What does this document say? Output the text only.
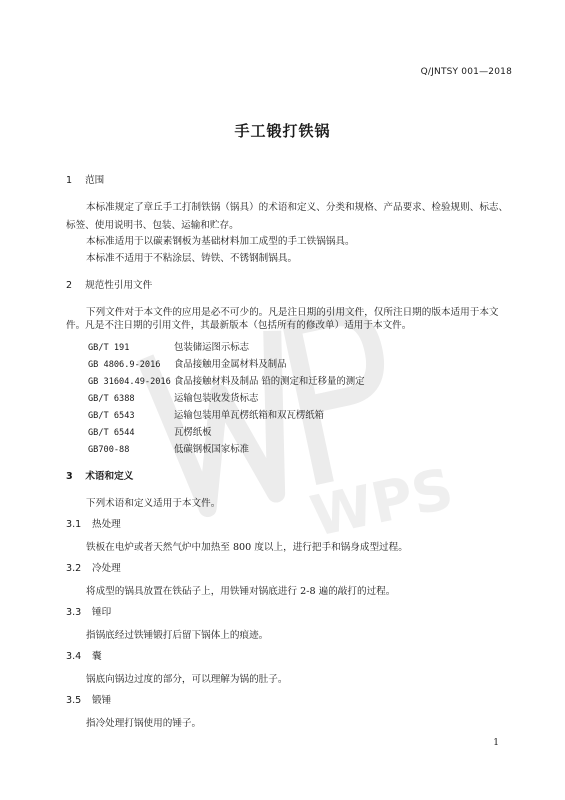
WPS
Q/JNTSY 001—2018
手工锻打铁锅
1 范围
本标准规定了章丘手工打制铁锅（锅具）的术语和定义、分类和规格、产品要求、检验规则、标志、

标签、使用说明书、包装、运输和贮存。
本标准适用于以碳素钢板为基础材料加工成型的手工铁锅锅具。
本标准不适用于不粘涂层、铸铁、不锈钢制锅具。
2 规范性引用文件
下列文件对于本文件的应用是必不可少的。凡是注日期的引用文件，仅所注日期的版本适用于本文
件。凡是不注日期的引用文件，其最新版本（包括所有的修改单）适用于本文件。
GB/T 191	包装储运图示标志
GB 4806.9-2016 食品接触用金属材料及制品
GB 31604.49-2016 食品接触材料及制品 铅的测定和迁移量的测定
GB/T 6388	运输包装收发货标志
GB/T 6543	运输包装用单瓦楞纸箱和双瓦楞纸箱
GB/T 6544	瓦楞纸板
GB700-88	低碳钢板国家标准
3 术语和定义
下列术语和定义适用于本文件。
3.1 热处理
铁板在电炉或者天然气炉中加热至 800 度以上，进行把手和锅身成型过程。
3.2 冷处理
将成型的锅具放置在铁砧子上，用铁锤对锅底进行 2-8 遍的敲打的过程。
3.3 锤印
指锅底经过铁锤锻打后留下锅体上的痕迹。
3.4 囊
锅底向锅边过度的部分，可以理解为锅的肚子。
3.5 锻锤
指冷处理打锅使用的锤子。
1
